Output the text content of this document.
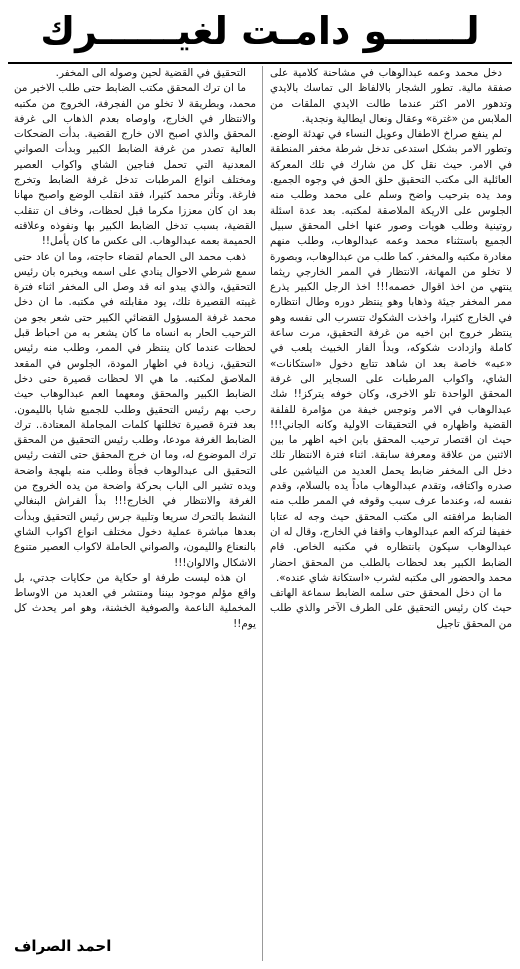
لــــــو دامـت لغيــــــرك

دخل محمد وعمه عبدالوهاب في مشاحنة كلامية على صفقة مالية. تطور الشجار بالالفاظ الى تماسك بالايدي وتدهور الامر اكثر عندما طالت الايدي الملقات من الملابس من «غترة» وعقال ونعال ايطالية ونجدية.

لم ينفع صراخ الاطفال وعويل النساء في تهدئة الوضع. وتطور الامر بشكل استدعى تدخل شرطة مخفر المنطقة في الامر. حيث نقل كل من شارك في تلك المعركة العائلية الى مكتب التحقيق حلق الحق في وجوه الجميع. ومد يده بترحيب واضح وسلم على محمد وطلب منه الجلوس على الاريكة الملاصقة لمكتبه. بعد عدة اسئلة روتينية وطلب هويات وصور عنها اخلى المحقق سبيل الجميع باستثناء محمد وعمه عبدالوهاب، وطلب منهم مغادرة مكتبه والمخفر. كما طلب من عبدالوهاب، وبصورة لا تخلو من المهانة، الانتظار في الممر الخارجي ريثما ينتهي من اخذ اقوال خصمه!!! اخذ الرجل الكبير يذرع ممر المخفر جيئة وذهابا وهو ينتظر دوره وطال انتظاره في الخارج كثيرا، واخذت الشكوك تتسرب الى نفسه وهو ينتظر خروج ابن اخيه من غرفة التحقيق، مرت ساعة كاملة وازدادت شكوكه، وبدأ الفار الخبيث يلعب في «عبه» خاصة بعد ان شاهد تتابع دخول «استكانات» الشاي، واكواب المرطبات على السجاير الى غرفة المحقق الواحدة تلو الاخرى، وكان خوفه يتركز!! شك عبدالوهاب في الامر وتوجس خيفة من مؤامرة للفلفة القضية واظهاره في التحقيقات الاولية وكانه الجاني!!! حيث ان اقتصار ترحيب المحقق بابن اخيه اظهر ما بين الاثنين من علاقة ومعرفة سابقة. اثناء فترة الانتظار تلك دخل الى المخفر ضابط يحمل العديد من النياشين على صدره واكتافه، وتقدم عبدالوهاب ماداً يده بالسلام، وقدم نفسه له، وعندما عرف سبب وقوفه في الممر طلب منه الضابط مرافقته الى مكتب المحقق حيث وجه له عتابا خفيفا لتركه العم عبدالوهاب واقفا في الخارج، وقال له ان عبدالوهاب سيكون بانتظاره في مكتبه الخاص. قام الضابط الكبير بعد لحظات بالطلب من المحقق احضار محمد والحضور الى مكتبه لشرب «استكانة شاي عنده».

ما ان دخل المحقق حتى سلمه الضابط سماعة الهاتف حيث كان رئيس التحقيق على الطرف الآخر والذي طلب من المحقق تاجيل

التحقيق في القضية لحين وصوله الى المخفر.

ما ان ترك المحقق مكتب الضابط حتى طلب الاخير من محمد، وبطريقة لا تخلو من الفجرفة، الخروج من مكتبه والانتظار في الخارج، واوصاه بعدم الذهاب الى غرفة المحقق والذي اصبح الان خارج القضية. بدأت الضحكات العالية تصدر من غرفة الضابط الكبير وبدأت الصواني المعدنية التي تحمل فناجين الشاي واكواب العصير ومختلف انواع المرطبات تدخل غرفة الضابط وتخرج فارغة. وتأثر محمد كثيرا، فقد انقلب الوضع واصبح مهانا بعد ان كان معززا مكرما قبل لحظات، وخاف ان تنقلب القضية، بسبب تدخل الضابط الكبير بها ونفوذه وعلاقته الحميمة بعمه عبدالوهاب. الى عكس ما كان يأمل!!

ذهب محمد الى الحمام لقضاء حاجته، وما ان عاد حتى سمع شرطي الاحوال ينادي على اسمه ويخبره بان رئيس التحقيق، والذي يبدو انه قد وصل الى المخفر اثناء فترة غيبته القصيرة تلك، يود مقابلته في مكتبه. ما ان دخل محمد غرفة المسؤول القضائي الكبير حتى شعر بجو من الترحيب الحار به انساه ما كان يشعر به من احباط قبل لحظات عندما كان ينتظر في الممر، وطلب منه رئيس التحقيق، زيادة في اظهار المودة، الجلوس في المقعد الملاصق لمكتبه. ما هي الا لحظات قصيرة حتى دخل الضابط الكبير والمحقق ومعهما العم عبدالوهاب حيث رحب بهم رئيس التحقيق وطلب للجميع شايا بالليمون. بعد فترة قصيرة تخللتها كلمات المجاملة المعتادة.. ترك الضابط الغرفة مودعا، وطلب رئيس التحقيق من المحقق ترك الموضوع له، وما ان خرج المحقق حتى التفت رئيس التحقيق الى عبدالوهاب فجأة وطلب منه بلهجة واضحة ويده تشير الى الباب بحركة واضحة من يده الخروج من الغرفة والانتظار في الخارج!!! بدأ الفراش البنغالي النشط بالتحرك سريعا وتلبية جرس رئيس التحقيق وبدأت بعدها مباشرة عملية دخول مختلف انواع اكواب الشاي بالنعناع والليمون، والصواني الحاملة لاكواب العصير متنوع الاشكال والالوان!!!

ان هذه ليست طرفة او حكاية من حكايات جدتي، بل واقع مؤلم موجود بيننا ومنتشر في العديد من الاوساط المخملية الناعمة والصوفية الخشنة، وهو امر يحدث كل يوم!!

احمد الصراف
